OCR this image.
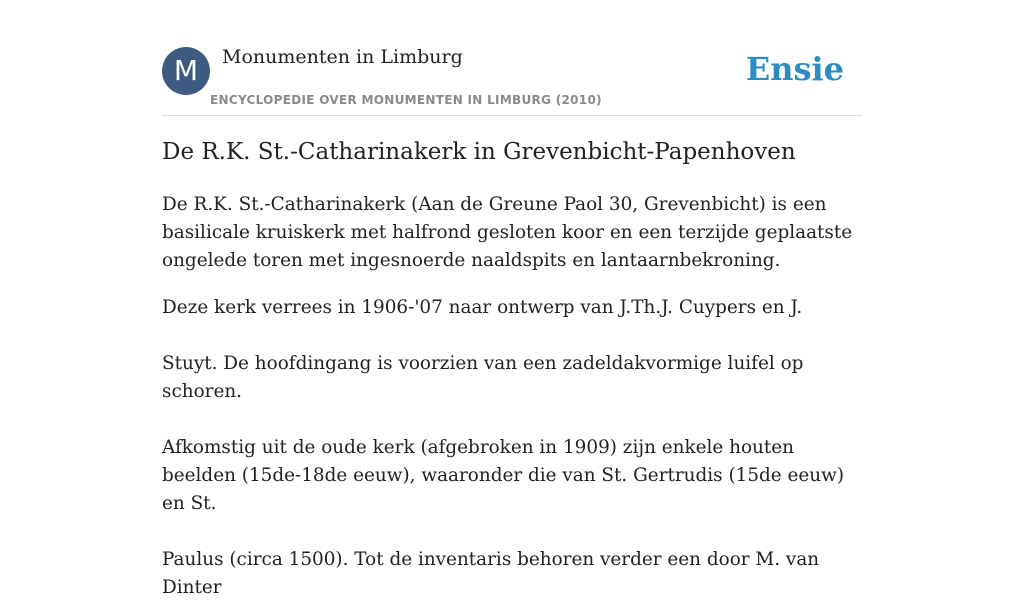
M	Monumenten in Limburg
ENCYCLOPEDIE OVER MONUMENTEN IN LIMBURG (2010)
Ensie
De R.K. St.-Catharinakerk in Grevenbicht-Papenhoven

De R.K. St.-Catharinakerk (Aan de Greune Paol 30, Grevenbicht) is een basilicale kruiskerk met halfrond gesloten koor en een terzijde geplaatste ongelede toren met ingesnoerde naaldspits en lantaarnbekroning.

Deze kerk verrees in 1906-'07 naar ontwerp van J.Th.J. Cuypers en J.

Stuyt. De hoofdingang is voorzien van een zadeldakvormige luifel op schoren.

Afkomstig uit de oude kerk (afgebroken in 1909) zijn enkele houten beelden (15de-18de eeuw), waaronder die van St. Gertrudis (15de eeuw) en St.

Paulus (circa 1500). Tot de inventaris behoren verder een door M. van Dinter
